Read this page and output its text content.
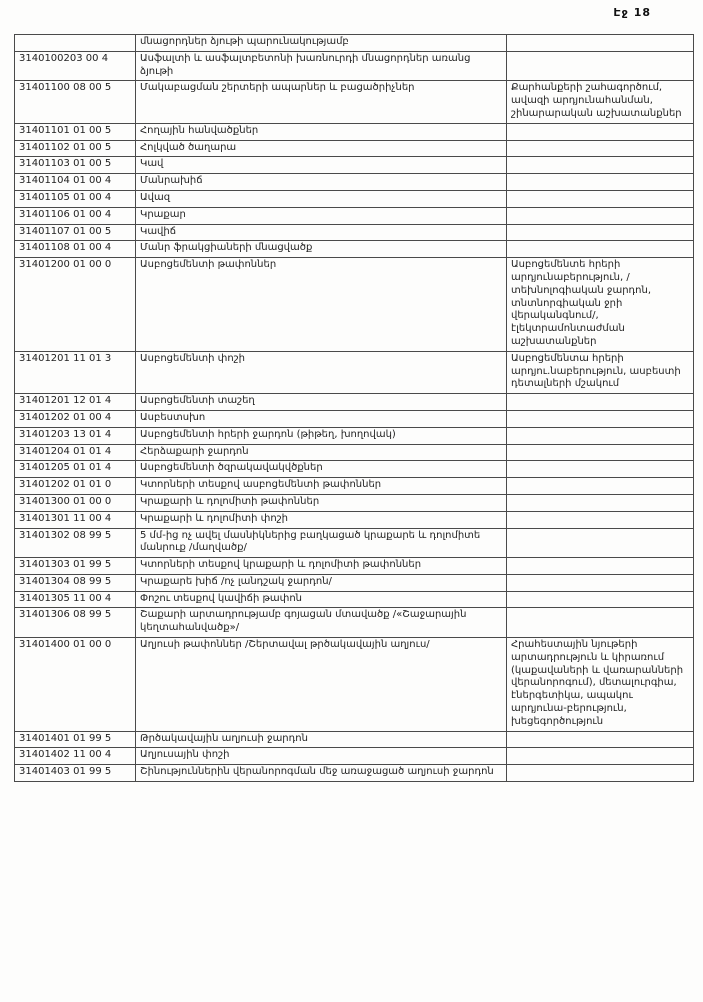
Էջ 18
	մնացորդներ ձյութի պարունակությամբ	
3140100203 00 4	Ասֆալտի և ասֆալտբետոնի խառնուրդի մնացորդներ առանց ձյութի	
31401100 08 00 5	Մակաբացման շերտերի ապարներ և բացածրիչներ	Քարհանքերի շահագործում, ավազի արդյունահանման, շինարարական աշխատանքներ
31401101 01 00 5	Հողային հանվածքներ	
31401102 01 00 5	Հոլկված ծաղարա	
31401103 01 00 5	Կավ	
31401104 01 00 4	Մանրախիճ	
31401105 01 00 4	Ավազ	
31401106 01 00 4	Կրաքար	
31401107 01 00 5	Կավիճ	
31401108 01 00 4	Մանր ֆրակցիաների մնացվածք	
31401200 01 00 0	Ասբոցեմենտի թափոններ	Ասբոցեմենտե հրերի արդյունաբերություն, /տեխնոլոգիական ջարդոն, տնտնորգիական ջրի վերականգնում/, էլեկտրամոնտաժման աշխատանքներ
31401201 11 01 3	Ասբոցեմենտի փոշի	Ասբոցեմենտա հրերի արդյու.նաբերություն, ասբեստի դետալների մշակում
31401201 12 01 4	Ասբոցեմենտի տաշեղ	
31401202 01 00 4	Ասբեստսխո	
31401203 13 01 4	Ասբոցեմենտի հրերի ջարդոն (թիթեղ, խողովակ)	
31401204 01 01 4	Հերձաքարի ջարդոն	
31401205 01 01 4	Ասբոցեմենտի ծզրակավակվծքներ	
31401202 01 01 0	Կտորների տեսքով ասբոցեմենտի թափոններ	
31401300 01 00 0	Կրաքարի և դոլոմիտի թափոններ	
31401301 11 00 4	Կրաքարի և դոլոմիտի փոշի	
31401302 08 99 5	5 մմ-ից ոչ ավել մասնիկներից բաղկացած կրաքարե և դոլոմիտե մանրուք /մաղվածք/	
31401303 01 99 5	Կտորների տեսքով կրաքարի և դոլոմիտի թափոններ	
31401304 08 99 5	Կրաքարե խիճ /ոչ լանդշակ ջարդոն/	
31401305 11 00 4	Փոշու տեսքով կավիճի թափոն	
31401306 08 99 5	Շաքարի արտադրությամբ գոյացան մտավածք /«Շաջարային կեղտահանվածք»/	
31401400 01 00 0	Աղյուսի թափոններ /Շերտավալ թրծակավային աղյուս/	Հրահեստային նյութերի արտադրություն և կիրառում (կաքավաների և վառարանների վերանորոգում), մետալուրգիա, էներգետիկա, ապակու արդյունա-բերություն, խեցեգործություն
31401401 01 99 5	Թրծակավային աղյուսի ջարդոն	
31401402 11 00 4	Աղյուսային փոշի	
31401403 01 99 5	Շինություններին վերանորոգման մեջ առաջացած աղյուսի ջարդոն	
